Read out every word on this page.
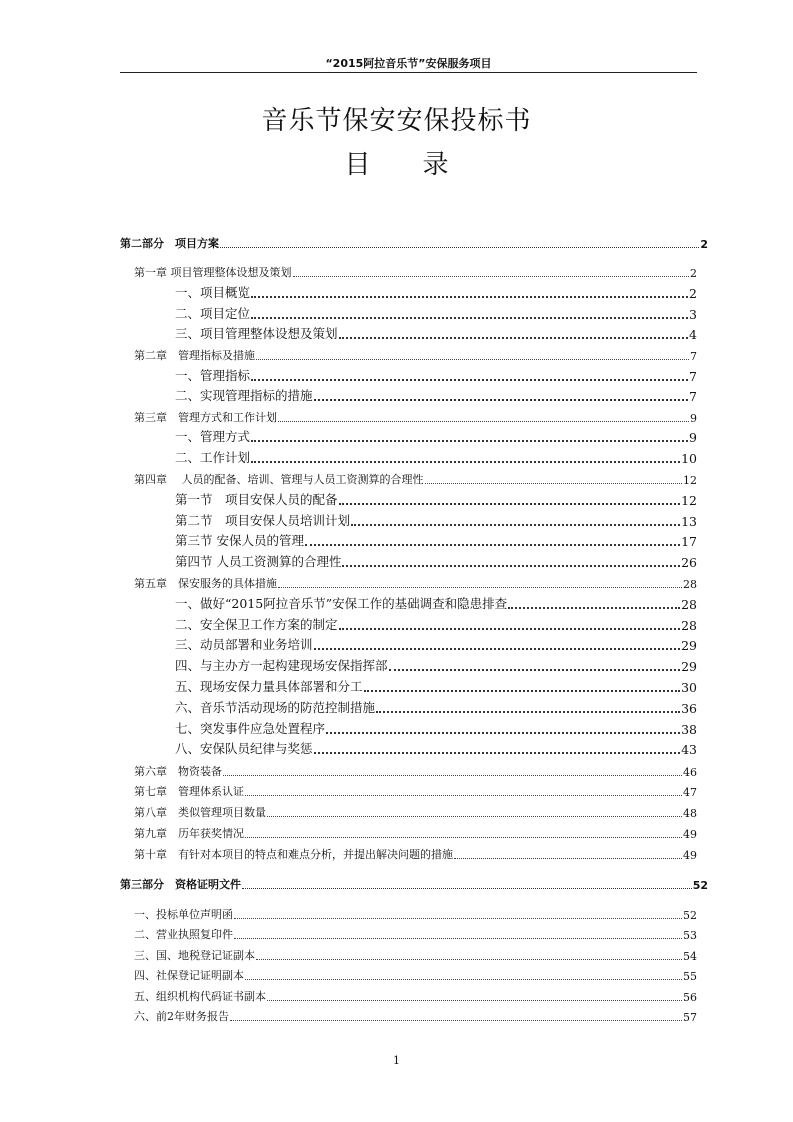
“2015阿拉音乐节”安保服务项目
音乐节保安安保投标书
目录
第二部分　项目方案	2
第一章 项目管理整体设想及策划	2
一、项目概览	2
二、项目定位	3
三、项目管理整体设想及策划	4
第二章　管理指标及措施	7
一、管理指标	7
二、实现管理指标的措施	7
第三章　管理方式和工作计划	9
一、管理方式	9
二、工作计划	10
第四章　 人员的配备、培训、管理与人员工资测算的合理性	12
第一节　项目安保人员的配备	12
第二节　项目安保人员培训计划	13
第三节 安保人员的管理	17
第四节 人员工资测算的合理性	26
第五章　保安服务的具体措施	28
一、做好“2015阿拉音乐节”安保工作的基础调查和隐患排查	28
二、安全保卫工作方案的制定	28
三、动员部署和业务培训	29
四、与主办方一起构建现场安保指挥部	29
五、现场安保力量具体部署和分工	30
六、音乐节活动现场的防范控制措施	36
七、突发事件应急处置程序	38
八、安保队员纪律与奖惩	43
第六章　物资装备	46
第七章　管理体系认证	47
第八章　类似管理项目数量	48
第九章　历年获奖情况	49
第十章　有针对本项目的特点和难点分析，并提出解决问题的措施	49
第三部分　资格证明文件	52
一、投标单位声明函	52
二、营业执照复印件	53
三、国、地税登记证副本	54
四、社保登记证明副本	55
五、组织机构代码证书副本	56
六、前2年财务报告	57
1
